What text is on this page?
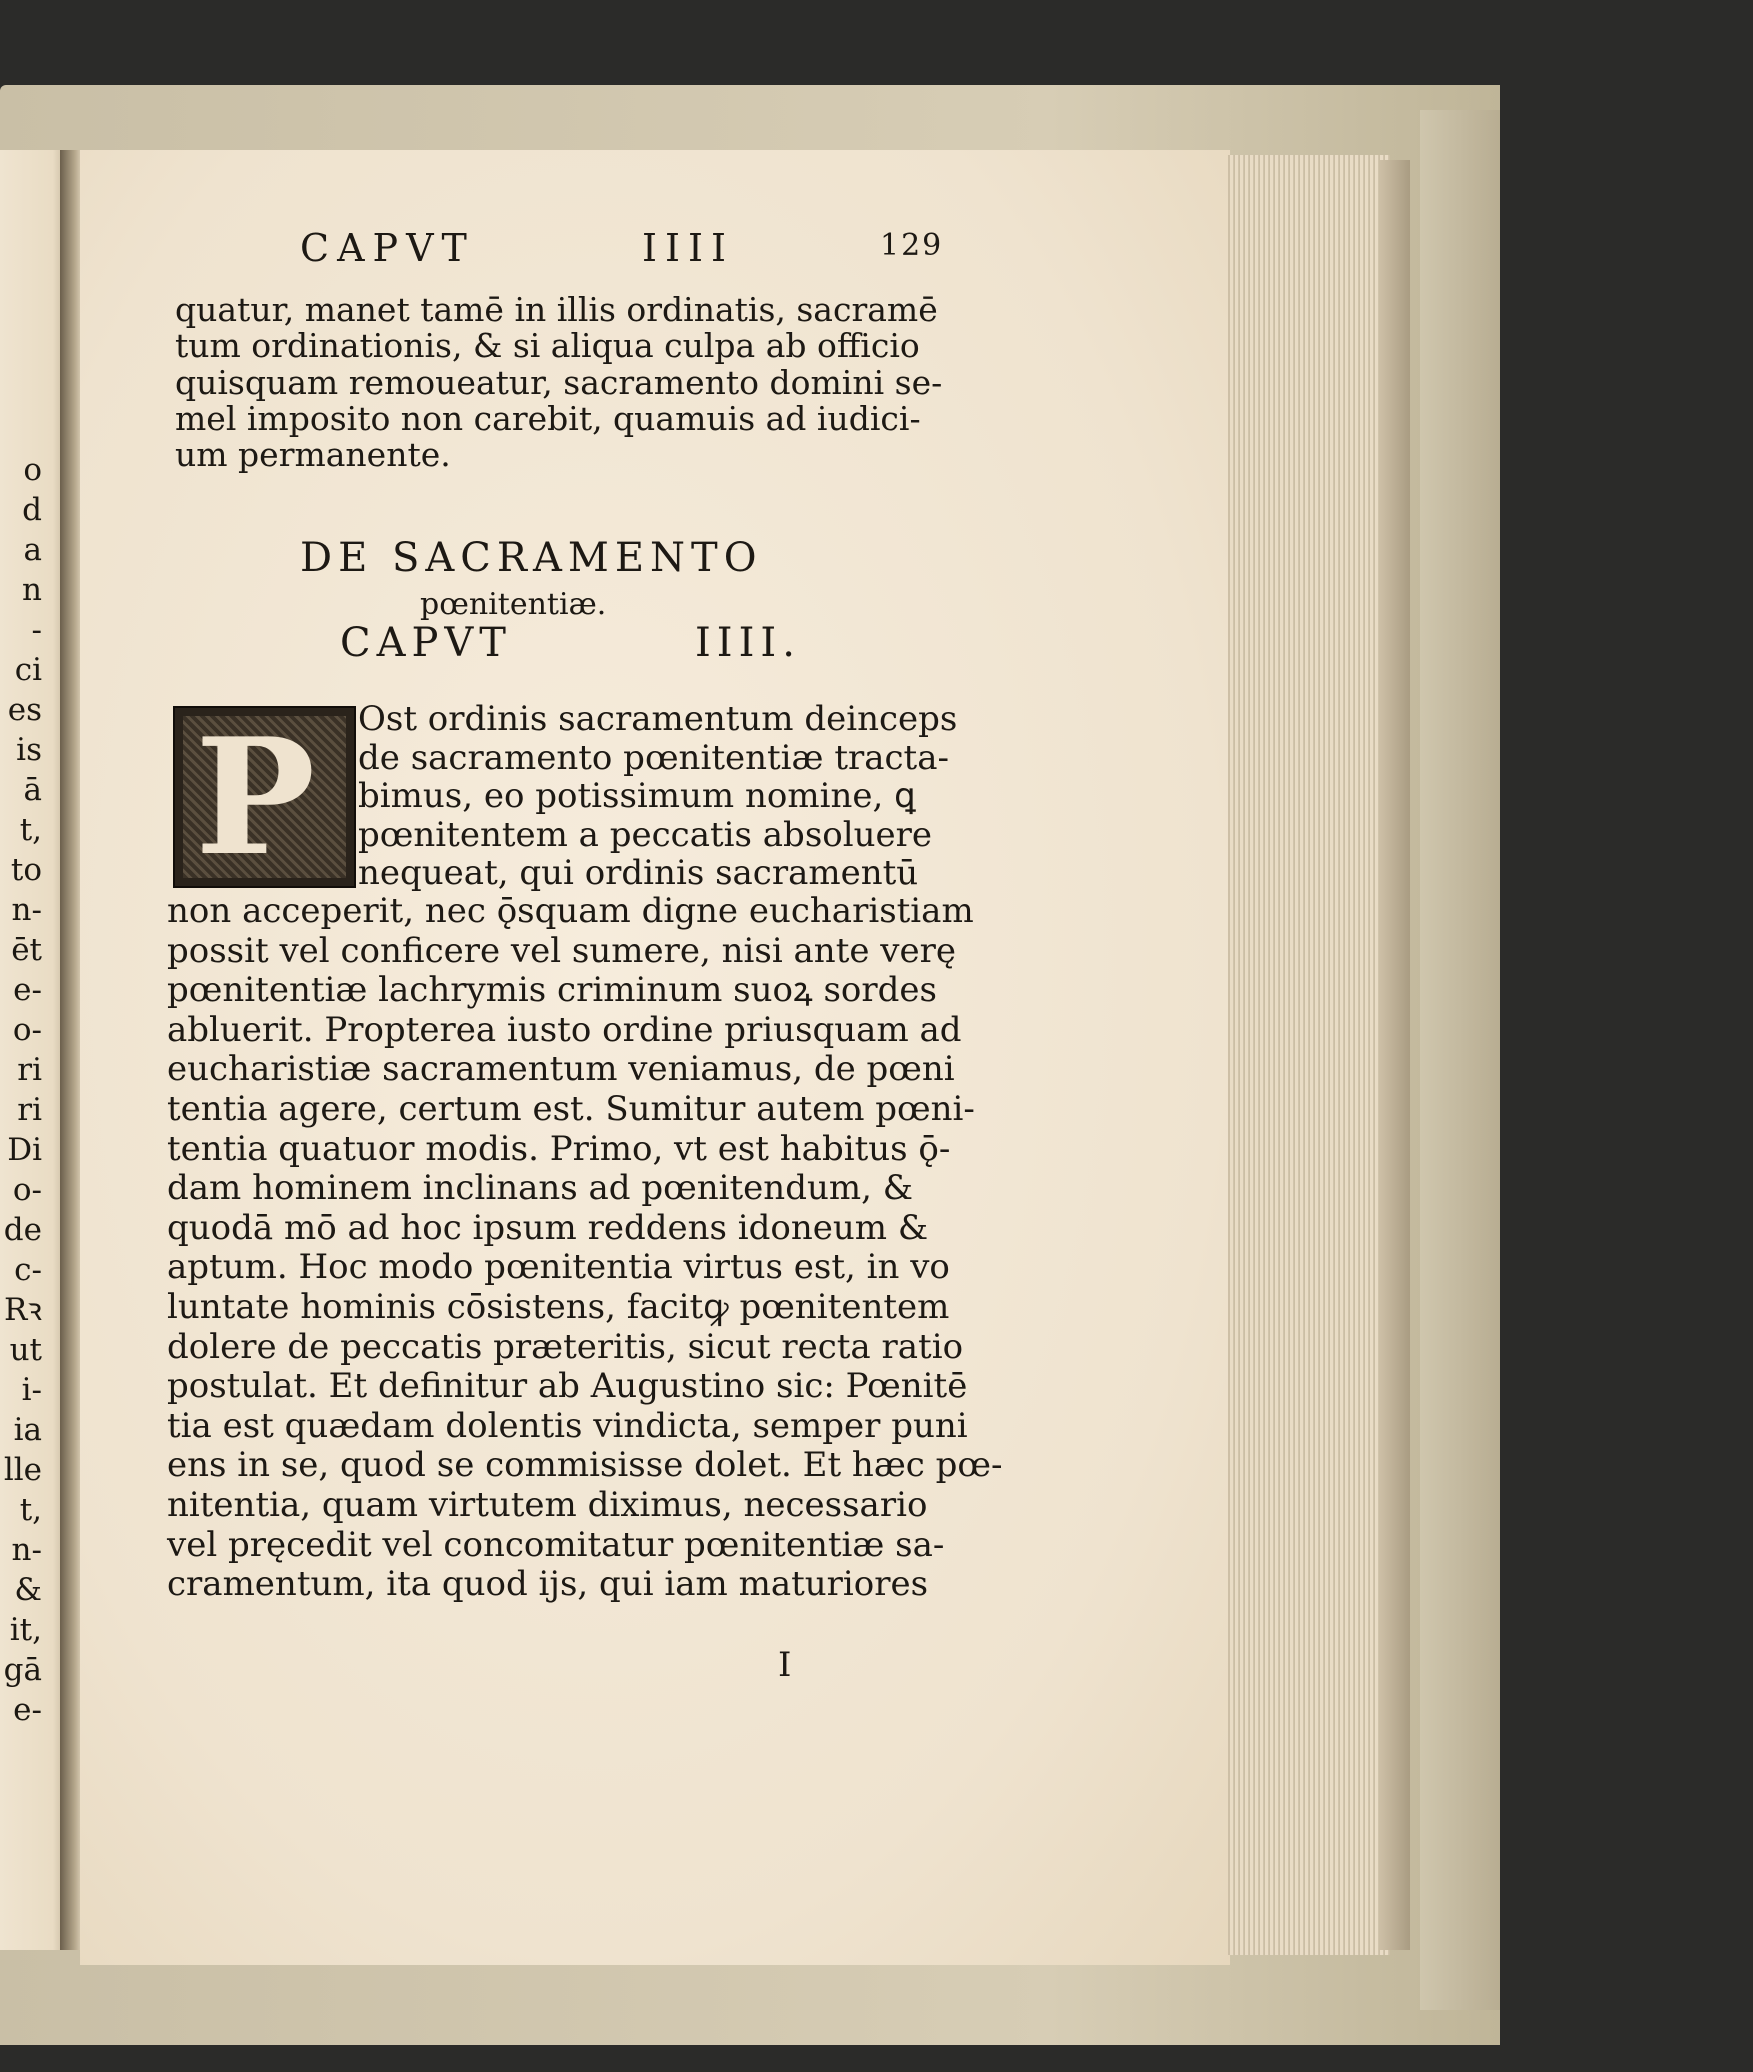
o
d
a
n
-
ci
es
is
ā
t,
to
n-
ēt
e-
o-
ri
ri
Di
o-
de
c-
Rꝛ
ut
i-
ia
lle
t,
n-
&
it,
gā
e-
CAPVT	IIII	129
quatur, manet tamē in illis ordinatis, sacramē
tum ordinationis, & si aliqua culpa ab officio
quisquam remoueatur, sacramento domini se-
mel imposito non carebit, quamuis ad iudici-
um permanente.
DE SACRAMENTO
pœnitentiæ.
CAPVT	IIII.
P Ost ordinis sacramentum deinceps
de sacramento pœnitentiæ tracta-
bimus, eo potissimum nomine, ꝗ
pœnitentem a peccatis absoluere
nequeat, qui ordinis sacramentū
non acceperit, nec ǭsquam digne eucharistiam
possit vel conficere vel sumere, nisi ante verę
pœnitentiæ lachrymis criminum suoꝝ sordes
abluerit. Propterea iusto ordine priusquam ad
eucharistiæ sacramentum veniamus, de pœni
tentia agere, certum est. Sumitur autem pœni-
tentia quatuor modis. Primo, vt est habitus ǭ-
dam hominem inclinans ad pœnitendum, &
quodā mō ad hoc ipsum reddens idoneum &
aptum. Hoc modo pœnitentia virtus est, in vo
luntate hominis cōsistens, facitꝙ pœnitentem
dolere de peccatis præteritis, sicut recta ratio
postulat. Et definitur ab Augustino sic: Pœnitē
tia est quædam dolentis vindicta, semper puni
ens in se, quod se commisisse dolet. Et hæc pœ-
nitentia, quam virtutem diximus, necessario
vel pręcedit vel concomitatur pœnitentiæ sa-
cramentum, ita quod ijs, qui iam maturiores
I
